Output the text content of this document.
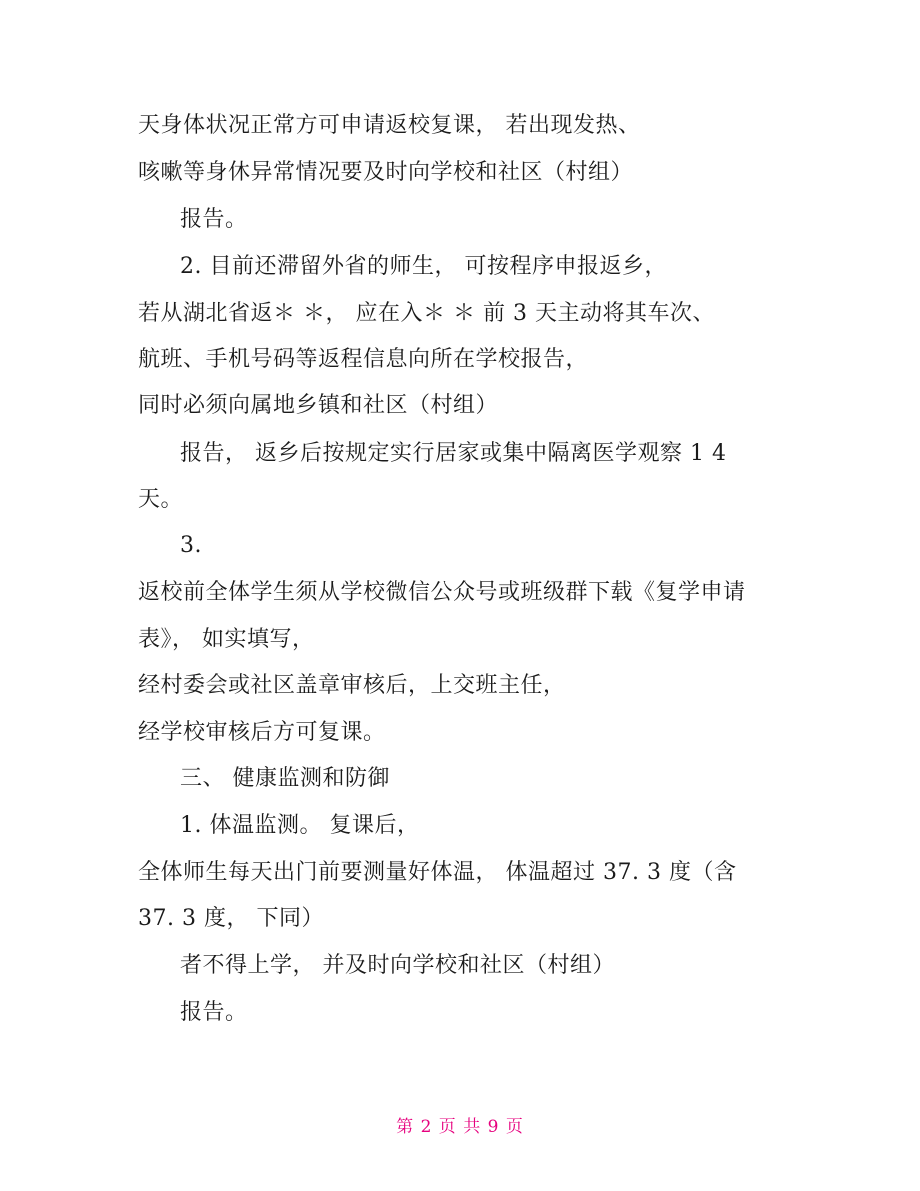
天身体状况正常方可申请返校复课， 若出现发热、
咳嗽等身休异常情况要及时向学校和社区（村组）
报告。
2. 目前还滞留外省的师生， 可按程序申报返乡，
若从湖北省返＊ ＊， 应在入＊ ＊ 前 3 天主动将其车次、
航班、手机号码等返程信息向所在学校报告，
同时必须向属地乡镇和社区（村组）
报告， 返乡后按规定实行居家或集中隔离医学观察 1 4
天。
3.
返校前全体学生须从学校微信公众号或班级群下载《复学申请
表》， 如实填写，
经村委会或社区盖章审核后，上交班主任，
经学校审核后方可复课。
三、 健康监测和防御
1. 体温监测。 复课后，
全体师生每天出门前要测量好体温， 体温超过 37. 3 度（含
37. 3 度， 下同）
者不得上学， 并及时向学校和社区（村组）
报告。
第 2 页 共 9 页
